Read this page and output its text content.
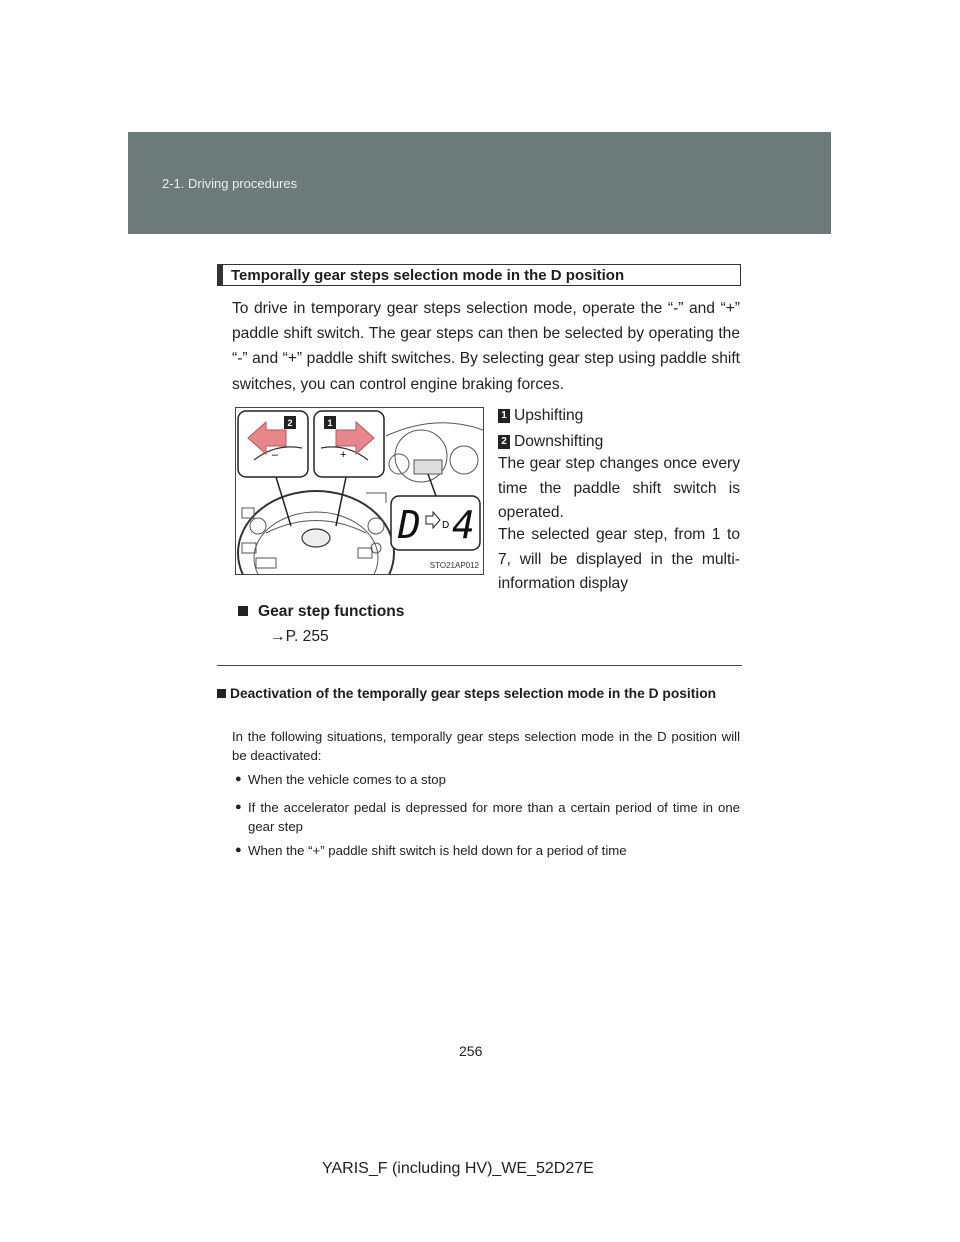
2-1. Driving procedures
Temporally gear steps selection mode in the D position
To drive in temporary gear steps selection mode, operate the “-” and “+” paddle shift switch. The gear steps can then be selected by operating the “-” and “+” paddle shift switches. By selecting gear step using paddle shift switches, you can control engine braking forces.
–	+
2	1
D D 4
STO21AP012
1 Upshifting
2 Downshifting
The gear step changes once every time the paddle shift switch is operated.
The selected gear step, from 1 to 7, will be displayed in the multi-information display
Gear step functions
→P. 255
Deactivation of the temporally gear steps selection mode in the D position
In the following situations, temporally gear steps selection mode in the D position will be deactivated:
● When the vehicle comes to a stop
● If the accelerator pedal is depressed for more than a certain period of time in one gear step
● When the “+” paddle shift switch is held down for a period of time
256
YARIS_F (including HV)_WE_52D27E
